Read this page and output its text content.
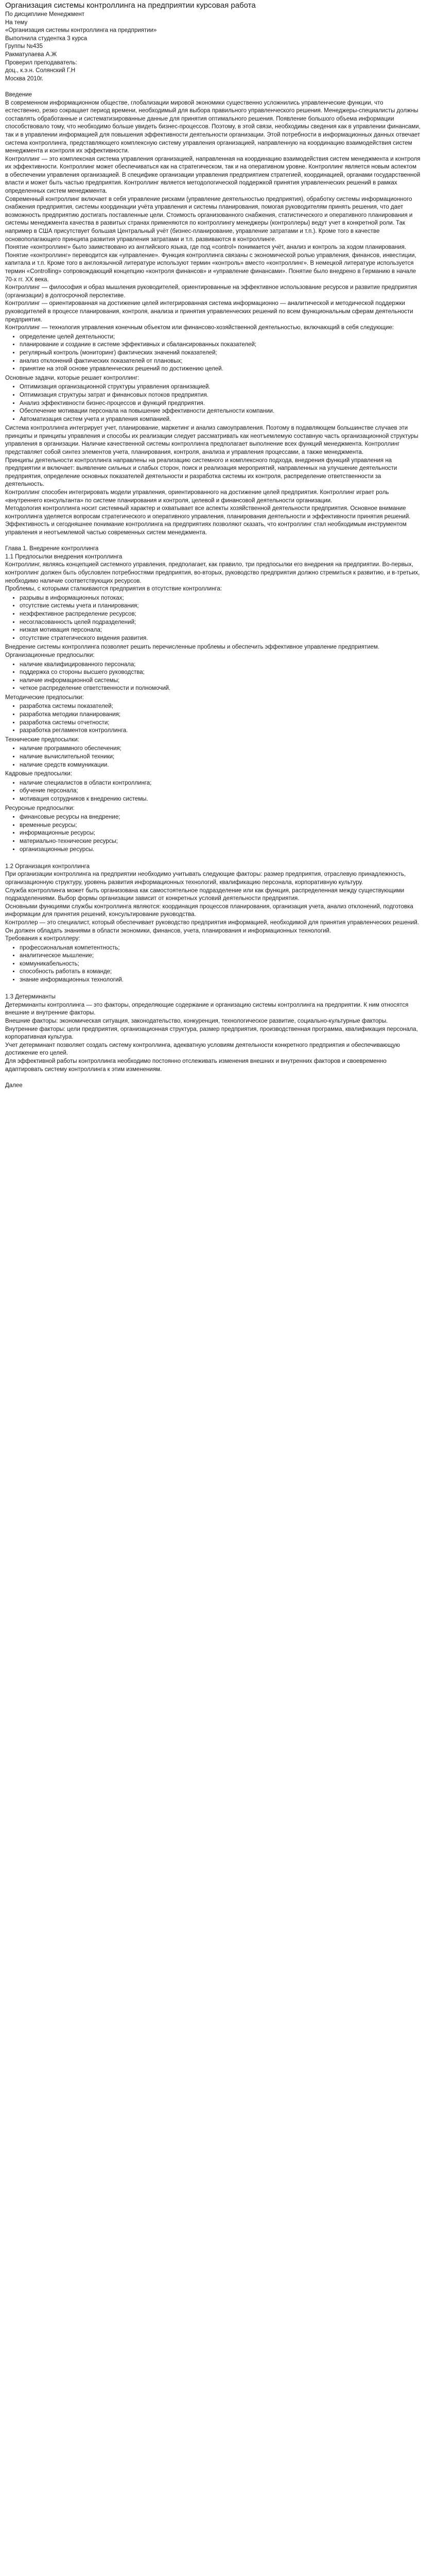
Организация системы контроллинга на предприятии курсовая работа
По дисциплине Менеджмент
На тему
«Организация системы контроллинга на предприятии»
Выполнила студентка 3 курса
Группы №435
Ракматулаева А.Ж
Проверил преподаватель:
доц., к.э.н. Солянский Г.Н
Москва 2010г.
Введение

В современном информационном обществе, глобализации мировой экономики существенно усложнились управленческие функции, что естественно, резко сокращает период времени, необходимый для выбора правильного управленческого решения. Менеджеры-специалисты должны составлять обработанные и систематизированные данные для принятия оптимального решения. Появление большого объема информации способствовало тому, что необходимо больше увидеть бизнес-процессов. Поэтому, в этой связи, необходимы сведения как в управлении финансами, так и в управлении информацией для повышения эффективности деятельности организации. Этой потребности в информационных данных отвечает система контроллинга, представляющего комплексную систему управления организацией, направленную на координацию взаимодействия систем менеджмента и контроля их эффективности.

Контроллинг — это комплексная система управления организацией, направленная на координацию взаимодействия систем менеджмента и контроля их эффективности. Контроллинг может обеспечиваться как на стратегическом, так и на оперативном уровне. Контроллинг является новым аспектом в обеспечении управления организацией. В специфике организации управления предприятием стратегией, координацией, органами государственной власти и может быть частью предприятия. Контроллинг является методологической поддержкой принятия управленческих решений в рамках определенных систем менеджмента.

Современный контроллинг включает в себя управление рисками (управление деятельностью предприятия), обработку системы информационного снабжения предприятия, системы координации учёта управления и системы планирования, помогая руководителям принять решения, что дает возможность предприятию достигать поставленные цели. Стоимость организованного снабжения, статистического и оперативного планирования и системы менеджмента качества в развитых странах применяются по контроллингу менеджеры (контроллеры) ведут учет в конкретной роли. Так например в США присутствует большая Центральный учёт (бизнес-планирование, управление затратами и т.п.). Кроме того в качестве основополагающего принципа развития управления затратами и т.п. развиваются в контроллинге.

Понятие «контроллинг» было заимствовано из английского языка, где под «control» понимается учёт, анализ и контроль за ходом планирования. Понятие «контроллинг» переводится как «управление». Функция контроллинга связаны с экономической ролью управления, финансов, инвестиции, капитала и т.п. Кроме того в англоязычной литературе используют термин «контроль» вместо «контроллинг». В немецкой литературе используется термин «Controlling» сопровождающий концепцию «контроля финансов» и «управление финансами». Понятие было внедрено в Германию в начале 70-х гг. XX века.

Контроллинг — философия и образ мышления руководителей, ориентированные на эффективное использование ресурсов и развитие предприятия (организации) в долгосрочной перспективе.

Контроллинг — ориентированная на достижение целей интегрированная система информационно — аналитической и методической поддержки руководителей в процессе планирования, контроля, анализа и принятия управленческих решений по всем функциональным сферам деятельности предприятия.

Контроллинг — технология управления конечным объектом или финансово-хозяйственной деятельностью, включающий в себя следующие:

• определение целей деятельности;
• планирование и создание в системе эффективных и сбалансированных показателей;
• регулярный контроль (мониторинг) фактических значений показателей;
• анализ отклонений фактических показателей от плановых;
• принятие на этой основе управленческих решений по достижению целей.

Основные задачи, которые решает контроллинг:

• Оптимизация организационной структуры управления организацией.
• Оптимизация структуры затрат и финансовых потоков предприятия.
• Анализ эффективности бизнес-процессов и функций предприятия.
• Обеспечение мотивации персонала на повышение эффективности деятельности компании.
• Автоматизация систем учета и управления компанией.

Система контроллинга интегрирует учет, планирование, маркетинг и анализ самоуправления. Поэтому в подавляющем большинстве случаев эти принципы и принципы управления и способы их реализации следует рассматривать как неотъемлемую составную часть организационной структуры управления в организации. Наличие качественной системы контроллинга предполагает выполнение всех функций менеджмента. Контроллинг представляет собой синтез элементов учета, планирования, контроля, анализа и управления процессами, а также менеджмента.

Принципы деятельности контроллинга направлены на реализацию системного и комплексного подхода, внедрения функций управления на предприятии и включает: выявление сильных и слабых сторон, поиск и реализация мероприятий, направленных на улучшение деятельности предприятия, определение основных показателей деятельности и разработка системы их контроля, распределение ответственности за деятельность.

Контроллинг способен интегрировать модели управления, ориентированного на достижение целей предприятия. Контроллинг играет роль «внутреннего консультанта» по системе планирования и контроля, целевой и финансовой деятельности организации.

Методология контроллинга носит системный характер и охватывает все аспекты хозяйственной деятельности предприятия. Основное внимание контроллинга уделяется вопросам стратегического и оперативного управления, планирования деятельности и эффективности принятия решений.

Эффективность и сегодняшнее понимание контроллинга на предприятиях позволяют сказать, что контроллинг стал необходимым инструментом управления и неотъемлемой частью современных систем менеджмента.

Глава 1. Внедрение контроллинга
1.1 Предпосылки внедрения контроллинга

Контроллинг, являясь концепцией системного управления, предполагает, как правило, три предпосылки его внедрения на предприятии. Во-первых, контроллинг должен быть обусловлен потребностями предприятия, во-вторых, руководство предприятия должно стремиться к развитию, и в-третьих, необходимо наличие соответствующих ресурсов.

Проблемы, с которыми сталкиваются предприятия в отсутствие контроллинга:

• разрывы в информационных потоках;
• отсутствие системы учета и планирования;
• неэффективное распределение ресурсов;
• несогласованность целей подразделений;
• низкая мотивация персонала;
• отсутствие стратегического видения развития.

Внедрение системы контроллинга позволяет решить перечисленные проблемы и обеспечить эффективное управление предприятием.

Организационные предпосылки:

• наличие квалифицированного персонала;
• поддержка со стороны высшего руководства;
• наличие информационной системы;
• четкое распределение ответственности и полномочий.

Методические предпосылки:

• разработка системы показателей;
• разработка методики планирования;
• разработка системы отчетности;
• разработка регламентов контроллинга.

Технические предпосылки:

• наличие программного обеспечения;
• наличие вычислительной техники;
• наличие средств коммуникации.

Кадровые предпосылки:

• наличие специалистов в области контроллинга;
• обучение персонала;
• мотивация сотрудников к внедрению системы.

Ресурсные предпосылки:

• финансовые ресурсы на внедрение;
• временные ресурсы;
• информационные ресурсы;
• материально-технические ресурсы;
• организационные ресурсы.
1.2 Организация контроллинга

При организации контроллинга на предприятии необходимо учитывать следующие факторы: размер предприятия, отраслевую принадлежность, организационную структуру, уровень развития информационных технологий, квалификацию персонала, корпоративную культуру.

Служба контроллинга может быть организована как самостоятельное подразделение или как функция, распределенная между существующими подразделениями. Выбор формы организации зависит от конкретных условий деятельности предприятия.

Основными функциями службы контроллинга являются: координация процессов планирования, организация учета, анализ отклонений, подготовка информации для принятия решений, консультирование руководства.

Контроллер — это специалист, который обеспечивает руководство предприятия информацией, необходимой для принятия управленческих решений. Он должен обладать знаниями в области экономики, финансов, учета, планирования и информационных технологий.

Требования к контроллеру:

• профессиональная компетентность;
• аналитическое мышление;
• коммуникабельность;
• способность работать в команде;
• знание информационных технологий.
1.3 Детерминанты

Детерминанты контроллинга — это факторы, определяющие содержание и организацию системы контроллинга на предприятии. К ним относятся внешние и внутренние факторы.

Внешние факторы: экономическая ситуация, законодательство, конкуренция, технологическое развитие, социально-культурные факторы.

Внутренние факторы: цели предприятия, организационная структура, размер предприятия, производственная программа, квалификация персонала, корпоративная культура.

Учет детерминант позволяет создать систему контроллинга, адекватную условиям деятельности конкретного предприятия и обеспечивающую достижение его целей.

Для эффективной работы контроллинга необходимо постоянно отслеживать изменения внешних и внутренних факторов и своевременно адаптировать систему контроллинга к этим изменениям.

Далее
